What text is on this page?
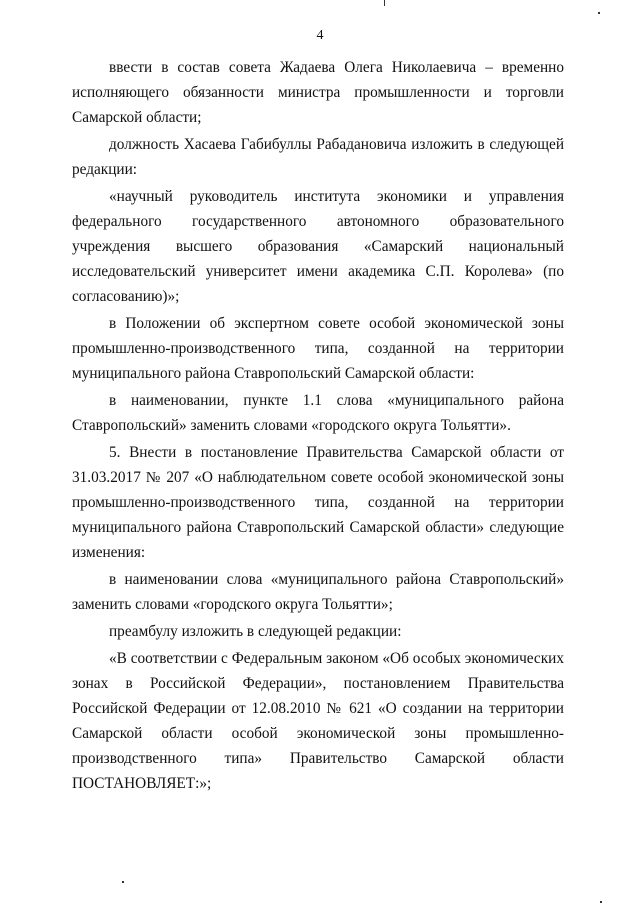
4

ввести в состав совета Жадаева Олега Николаевича – временно исполняющего обязанности министра промышленности и торговли Самарской области;

должность Хасаева Габибуллы Рабадановича изложить в следующей редакции:

«научный руководитель института экономики и управления федерального государственного автономного образовательного учреждения высшего образования «Самарский национальный исследовательский университет имени академика С.П. Королева» (по согласованию)»;

в Положении об экспертном совете особой экономической зоны промышленно-производственного типа, созданной на территории муниципального района Ставропольский Самарской области:

в наименовании, пункте 1.1 слова «муниципального района Ставропольский» заменить словами «городского округа Тольятти».

5. Внести в постановление Правительства Самарской области от 31.03.2017 № 207 «О наблюдательном совете особой экономической зоны промышленно-производственного типа, созданной на территории муниципального района Ставропольский Самарской области» следующие изменения:

в наименовании слова «муниципального района Ставропольский» заменить словами «городского округа Тольятти»;

преамбулу изложить в следующей редакции:

«В соответствии с Федеральным законом «Об особых экономических зонах в Российской Федерации», постановлением Правительства Российской Федерации от 12.08.2010 № 621 «О создании на территории Самарской области особой экономической зоны промышленно-производственного типа» Правительство Самарской области ПОСТАНОВЛЯЕТ:»;
